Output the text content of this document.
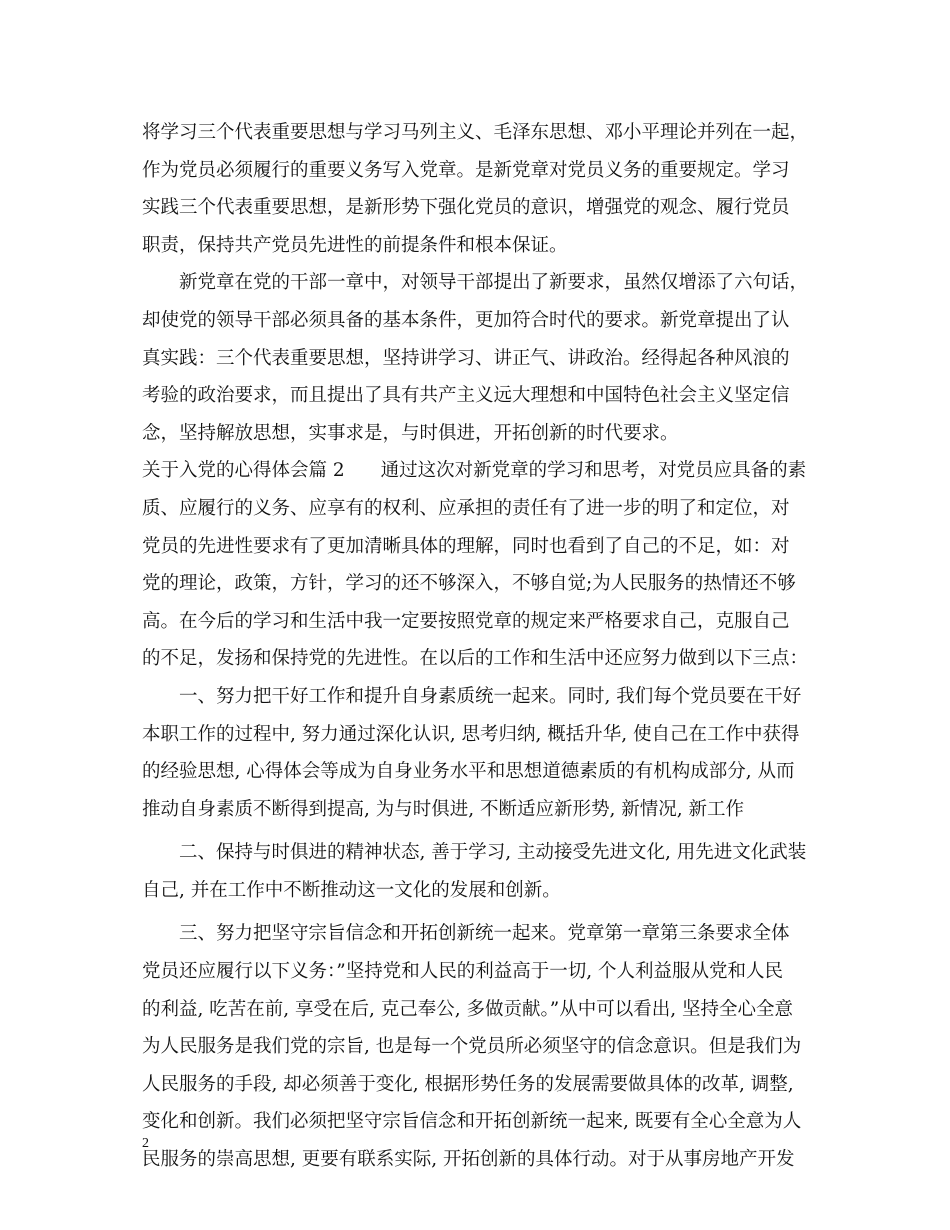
将学习三个代表重要思想与学习马列主义、毛泽东思想、邓小平理论并列在一起，
作为党员必须履行的重要义务写入党章。是新党章对党员义务的重要规定。学习
实践三个代表重要思想，是新形势下强化党员的意识，增强党的观念、履行党员
职责，保持共产党员先进性的前提条件和根本保证。
新党章在党的干部一章中，对领导干部提出了新要求，虽然仅增添了六句话，
却使党的领导干部必须具备的基本条件，更加符合时代的要求。新党章提出了认
真实践：三个代表重要思想，坚持讲学习、讲正气、讲政治。经得起各种风浪的
考验的政治要求，而且提出了具有共产主义远大理想和中国特色社会主义坚定信
念，坚持解放思想，实事求是，与时俱进，开拓创新的时代要求。
关于入党的心得体会篇 2 通过这次对新党章的学习和思考，对党员应具备的素
质、应履行的义务、应享有的权利、应承担的责任有了进一步的明了和定位，对
党员的先进性要求有了更加清晰具体的理解，同时也看到了自己的不足，如：对
党的理论，政策，方针，学习的还不够深入，不够自觉;为人民服务的热情还不够
高。在今后的学习和生活中我一定要按照党章的规定来严格要求自己，克服自己
的不足，发扬和保持党的先进性。在以后的工作和生活中还应努力做到以下三点：
一、努力把干好工作和提升自身素质统一起来。同时, 我们每个党员要在干好
本职工作的过程中, 努力通过深化认识, 思考归纳, 概括升华, 使自己在工作中获得
的经验思想, 心得体会等成为自身业务水平和思想道德素质的有机构成部分, 从而
推动自身素质不断得到提高, 为与时俱进, 不断适应新形势, 新情况, 新工作
二、保持与时俱进的精神状态, 善于学习, 主动接受先进文化, 用先进文化武装
自己, 并在工作中不断推动这一文化的发展和创新。
三、努力把坚守宗旨信念和开拓创新统一起来。党章第一章第三条要求全体
党员还应履行以下义务：”坚持党和人民的利益高于一切, 个人利益服从党和人民
的利益, 吃苦在前, 享受在后, 克己奉公, 多做贡献。”从中可以看出, 坚持全心全意
为人民服务是我们党的宗旨, 也是每一个党员所必须坚守的信念意识。但是我们为
人民服务的手段, 却必须善于变化, 根据形势任务的发展需要做具体的改革, 调整,
变化和创新。我们必须把坚守宗旨信念和开拓创新统一起来, 既要有全心全意为人
民服务的崇高思想, 更要有联系实际, 开拓创新的具体行动。对于从事房地产开发
2
